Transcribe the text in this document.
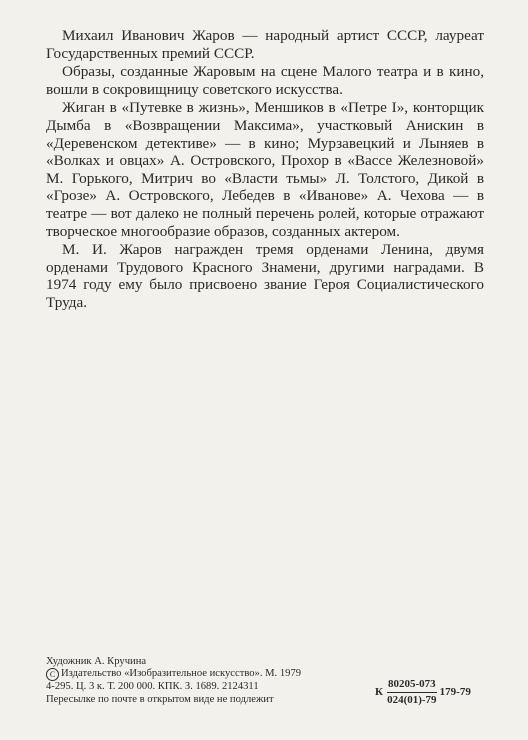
Михаил Иванович Жаров — народный артист СССР, лауреат Государственных премий СССР.

Образы, созданные Жаровым на сцене Малого театра и в кино, вошли в сокровищницу советского искусства.

Жиган в «Путевке в жизнь», Меншиков в «Петре I», конторщик Дымба в «Возвращении Максима», участковый Анискин в «Деревенском детективе» — в кино; Мурзавецкий и Лыняев в «Волках и овцах» А. Островского, Прохор в «Вассе Железновой» М. Горького, Митрич во «Власти тьмы» Л. Толстого, Дикой в «Грозе» А. Островского, Лебедев в «Иванове» А. Чехова — в театре — вот далеко не полный перечень ролей, которые отражают творческое многообразие образов, созданных актером.

М. И. Жаров награжден тремя орденами Ленина, двумя орденами Трудового Красного Знамени, другими наградами. В 1974 году ему было присвоено звание Героя Социалистического Труда.

Художник А. Кручина
C Издательство «Изобразительное искусство». М. 1979
4-295. Ц. 3 к. Т. 200 000. КПК. З. 1689. 2124311
Пересылке по почте в открытом виде не подлежит
К $\frac{80205-073}{024(01)-79} 179-79$
